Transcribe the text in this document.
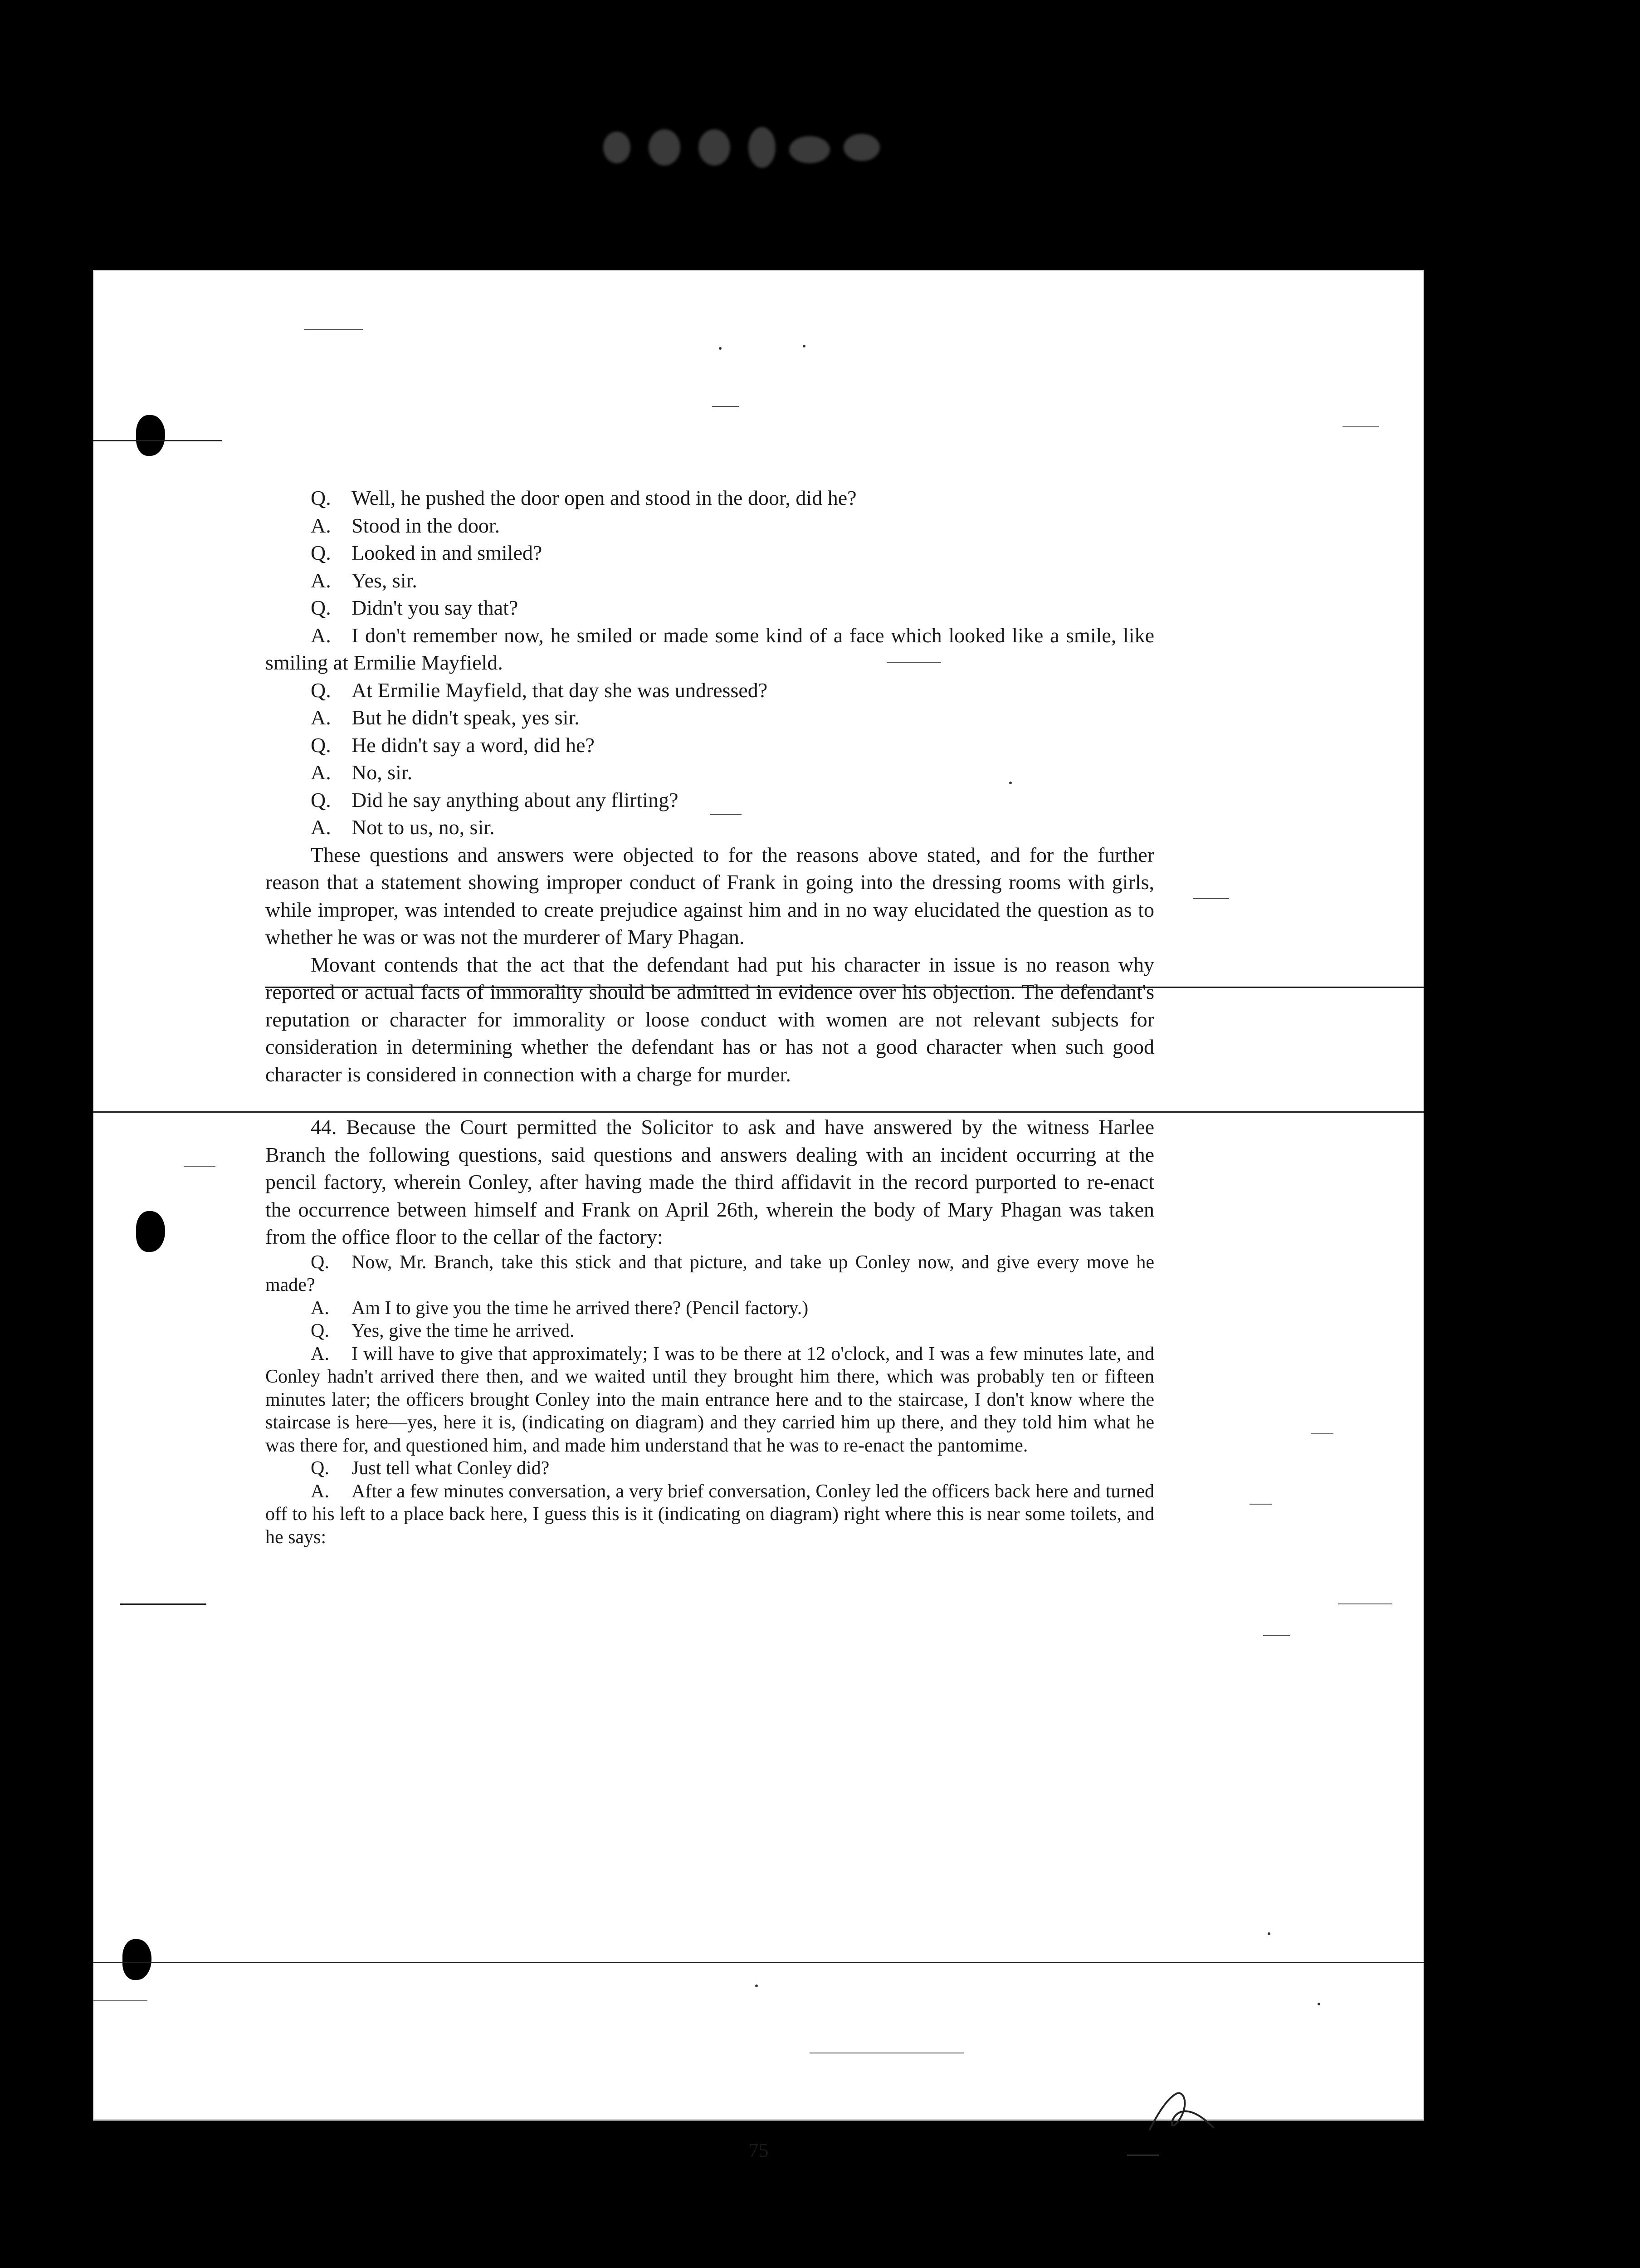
Q. Well, he pushed the door open and stood in the door, did he?
A. Stood in the door.
Q. Looked in and smiled?
A. Yes, sir.
Q. Didn't you say that?
A. I don't remember now, he smiled or made some kind of a face which looked like a smile, like smiling at Ermilie Mayfield.
Q. At Ermilie Mayfield, that day she was undressed?
A. But he didn't speak, yes sir.
Q. He didn't say a word, did he?
A. No, sir.
Q. Did he say anything about any flirting?
A. Not to us, no, sir.
These questions and answers were objected to for the reasons above stated, and for the further reason that a statement showing improper conduct of Frank in going into the dressing rooms with girls, while improper, was intended to create prejudice against him and in no way elucidated the question as to whether he was or was not the murderer of Mary Phagan.
Movant contends that the act that the defendant had put his character in issue is no reason why reported or actual facts of immorality should be admitted in evidence over his objection. The defendant's reputation or character for immorality or loose conduct with women are not relevant subjects for consideration in determining whether the defendant has or has not a good character when such good character is considered in connection with a charge for murder.
44. Because the Court permitted the Solicitor to ask and have answered by the witness Harlee Branch the following questions, said questions and answers dealing with an incident occurring at the pencil factory, wherein Conley, after having made the third affidavit in the record purported to re-enact the occurrence between himself and Frank on April 26th, wherein the body of Mary Phagan was taken from the office floor to the cellar of the factory:
Q. Now, Mr. Branch, take this stick and that picture, and take up Conley now, and give every move he made?
A. Am I to give you the time he arrived there? (Pencil factory.)
Q. Yes, give the time he arrived.
A. I will have to give that approximately; I was to be there at 12 o'clock, and I was a few minutes late, and Conley hadn't arrived there then, and we waited until they brought him there, which was probably ten or fifteen minutes later; the officers brought Conley into the main entrance here and to the staircase, I don't know where the staircase is here—yes, here it is, (indicating on diagram) and they carried him up there, and they told him what he was there for, and questioned him, and made him understand that he was to re-enact the pantomime.
Q. Just tell what Conley did?
A. After a few minutes conversation, a very brief conversation, Conley led the officers back here and turned off to his left to a place back here, I guess this is it (indicating on diagram) right where this is near some toilets, and he says:
75
